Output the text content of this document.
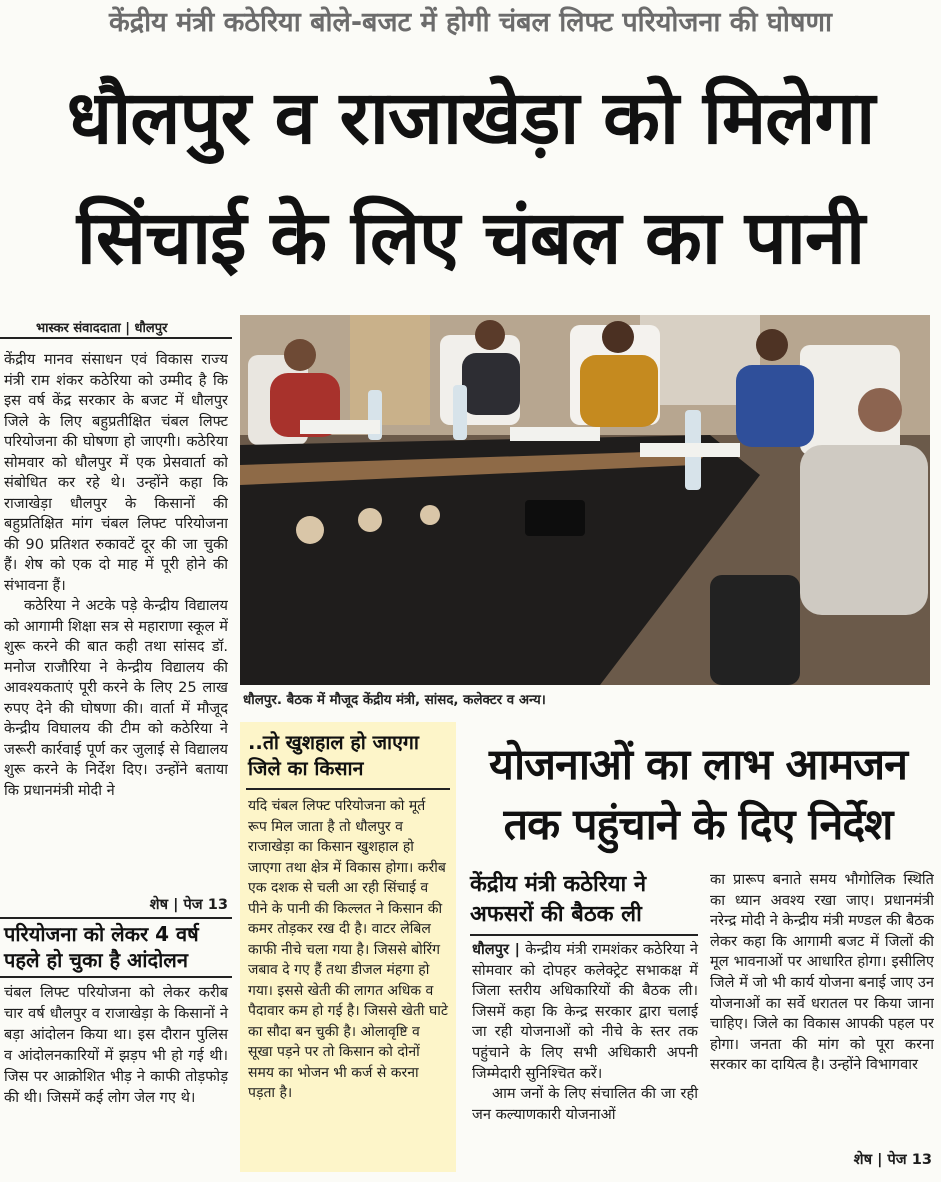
केंद्रीय मंत्री कठेरिया बोले-बजट में होगी चंबल लिफ्ट परियोजना की घोषणा
धौलपुर व राजाखेड़ा को मिलेगा
सिंचाई के लिए चंबल का पानी
भास्कर संवाददाता | धौलपुर

केंद्रीय मानव संसाधन एवं विकास राज्य मंत्री राम शंकर कठेरिया को उम्मीद है कि इस वर्ष केंद्र सरकार के बजट में धौलपुर जिले के लिए बहुप्रतीक्षित चंबल लिफ्ट परियोजना की घोषणा हो जाएगी। कठेरिया सोमवार को धौलपुर में एक प्रेसवार्ता को संबोधित कर रहे थे। उन्होंने कहा कि राजाखेड़ा धौलपुर के किसानों की बहुप्रतिक्षित मांग चंबल लिफ्ट परियोजना की 90 प्रतिशत रुकावटें दूर की जा चुकी हैं। शेष को एक दो माह में पूरी होने की संभावना हैं।

कठेरिया ने अटके पड़े केन्द्रीय विद्यालय को आगामी शिक्षा सत्र से महाराणा स्कूल में शुरू करने की बात कही तथा सांसद डॉ. मनोज राजौरिया ने केन्द्रीय विद्यालय की आवश्यकताएं पूरी करने के लिए 25 लाख रुपए देने की घोषणा की। वार्ता में मौजूद केन्द्रीय विघालय की टीम को कठेरिया ने जरूरी कार्रवाई पूर्ण कर जुलाई से विद्यालय शुरू करने के निर्देश दिए। उन्होंने बताया कि प्रधानमंत्री मोदी ने

शेष | पेज 13
परियोजना को लेकर 4 वर्ष पहले हो चुका है आंदोलन
चंबल लिफ्ट परियोजना को लेकर करीब चार वर्ष धौलपुर व राजाखेड़ा के किसानों ने बड़ा आंदोलन किया था। इस दौरान पुलिस व आंदोलनकारियों में झड़प भी हो गई थी। जिस पर आक्रोशित भीड़ ने काफी तोड़फोड़ की थी। जिसमें कई लोग जेल गए थे।
धौलपुर. बैठक में मौजूद केंद्रीय मंत्री, सांसद, कलेक्टर व अन्य।
..तो खुशहाल हो जाएगा जिले का किसान
यदि चंबल लिफ्ट परियोजना को मूर्त रूप मिल जाता है तो धौलपुर व राजाखेड़ा का किसान खुशहाल हो जाएगा तथा क्षेत्र में विकास होगा। करीब एक दशक से चली आ रही सिंचाई व पीने के पानी की किल्लत ने किसान की कमर तोड़कर रख दी है। वाटर लेबिल काफी नीचे चला गया है। जिससे बोरिंग जबाव दे गए हैं तथा डीजल मंहगा हो गया। इससे खेती की लागत अधिक व पैदावार कम हो गई है। जिससे खेती घाटे का सौदा बन चुकी है। ओलावृष्टि व सूखा पड़ने पर तो किसान को दोनों समय का भोजन भी कर्ज से करना पड़ता है।
योजनाओं का लाभ आमजन
तक पहुंचाने के दिए निर्देश
केंद्रीय मंत्री कठेरिया ने अफसरों की बैठक ली
धौलपुर | केन्द्रीय मंत्री रामशंकर कठेरिया ने सोमवार को दोपहर कलेक्ट्रेट सभाकक्ष में जिला स्तरीय अधिकारियों की बैठक ली। जिसमें कहा कि केन्द्र सरकार द्वारा चलाई जा रही योजनाओं को नीचे के स्तर तक पहुंचाने के लिए सभी अधिकारी अपनी जिम्मेदारी सुनिश्चित करें।

आम जनों के लिए संचालित की जा रही जन कल्याणकारी योजनाओं

का प्रारूप बनाते समय भौगोलिक स्थिति का ध्यान अवश्य रखा जाए। प्रधानमंत्री नरेन्द्र मोदी ने केन्द्रीय मंत्री मण्डल की बैठक लेकर कहा कि आगामी बजट में जिलों की मूल भावनाओं पर आधारित होगा। इसीलिए जिले में जो भी कार्य योजना बनाई जाए उन योजनाओं का सर्वे धरातल पर किया जाना चाहिए। जिले का विकास आपकी पहल पर होगा। जनता की मांग को पूरा करना सरकार का दायित्व है। उन्होंने विभागवार
शेष | पेज 13
